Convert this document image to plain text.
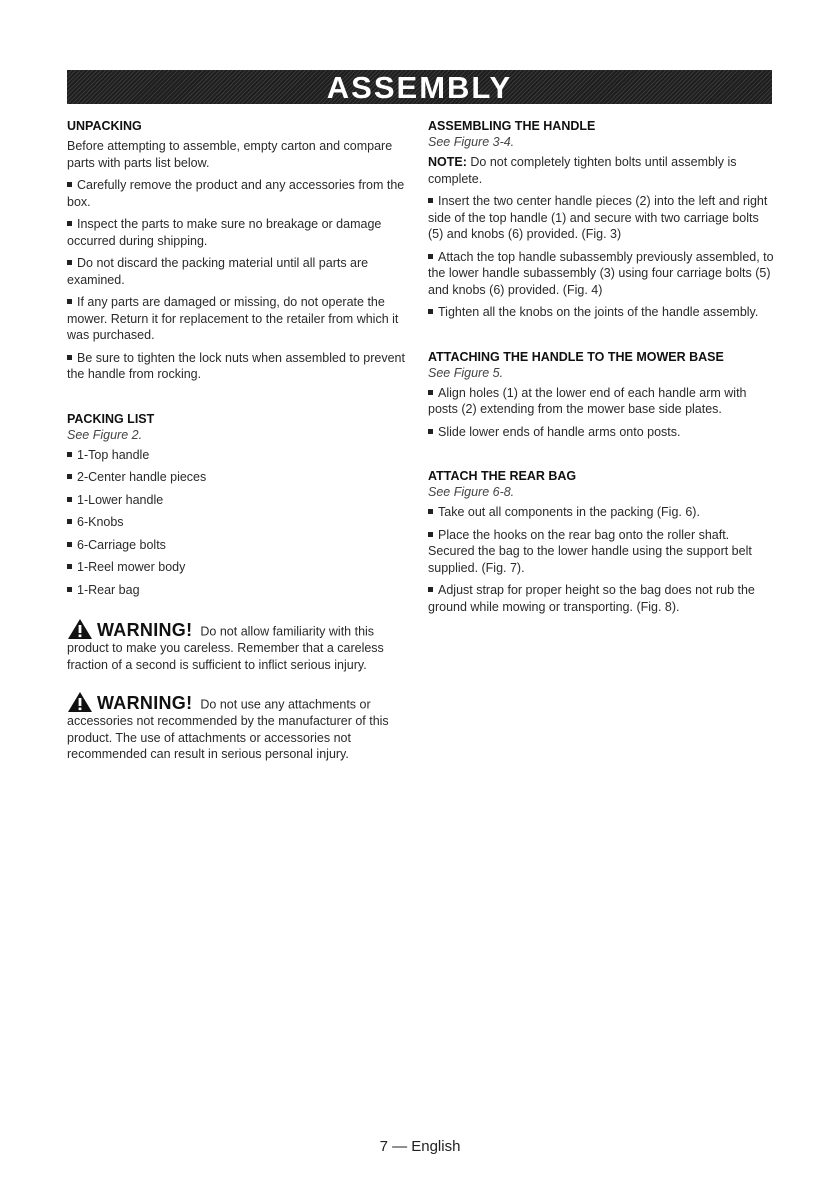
ASSEMBLY
UNPACKING

Before attempting to assemble, empty carton and compare parts with parts list below.

Carefully remove the product and any accessories from the box.

Inspect the parts to make sure no breakage or damage occurred during shipping.

Do not discard the packing material until all parts are examined.

If any parts are damaged or missing, do not operate the mower. Return it for replacement to the retailer from which it was purchased.

Be sure to tighten the lock nuts when assembled to prevent the handle from rocking.

PACKING LIST

See Figure 2.

1-Top handle
2-Center handle pieces
1-Lower handle
6-Knobs
6-Carriage bolts
1-Reel mower body
1-Rear bag

WARNING! Do not allow familiarity with this product to make you careless. Remember that a careless fraction of a second is sufficient to inflict serious injury.

WARNING! Do not use any attachments or accessories not recommended by the manufacturer of this product. The use of attachments or accessories not recommended can result in serious personal injury.

ASSEMBLING THE HANDLE

See Figure 3-4.

NOTE: Do not completely tighten bolts until assembly is complete.

Insert the two center handle pieces (2) into the left and right side of the top handle (1) and secure with two carriage bolts (5) and knobs (6) provided. (Fig. 3)

Attach the top handle subassembly previously assembled, to the lower handle subassembly (3) using four carriage bolts (5) and knobs (6) provided. (Fig. 4)

Tighten all the knobs on the joints of the handle assembly.

ATTACHING THE HANDLE TO THE MOWER BASE

See Figure 5.

Align holes (1) at the lower end of each handle arm with posts (2) extending from the mower base side plates.

Slide lower ends of handle arms onto posts.

ATTACH THE REAR BAG

See Figure 6-8.

Take out all components in the packing (Fig. 6).

Place the hooks on the rear bag onto the roller shaft. Secured the bag to the lower handle using the support belt supplied. (Fig. 7).

Adjust strap for proper height so the bag does not rub the ground while mowing or transporting. (Fig. 8).

7 — English
